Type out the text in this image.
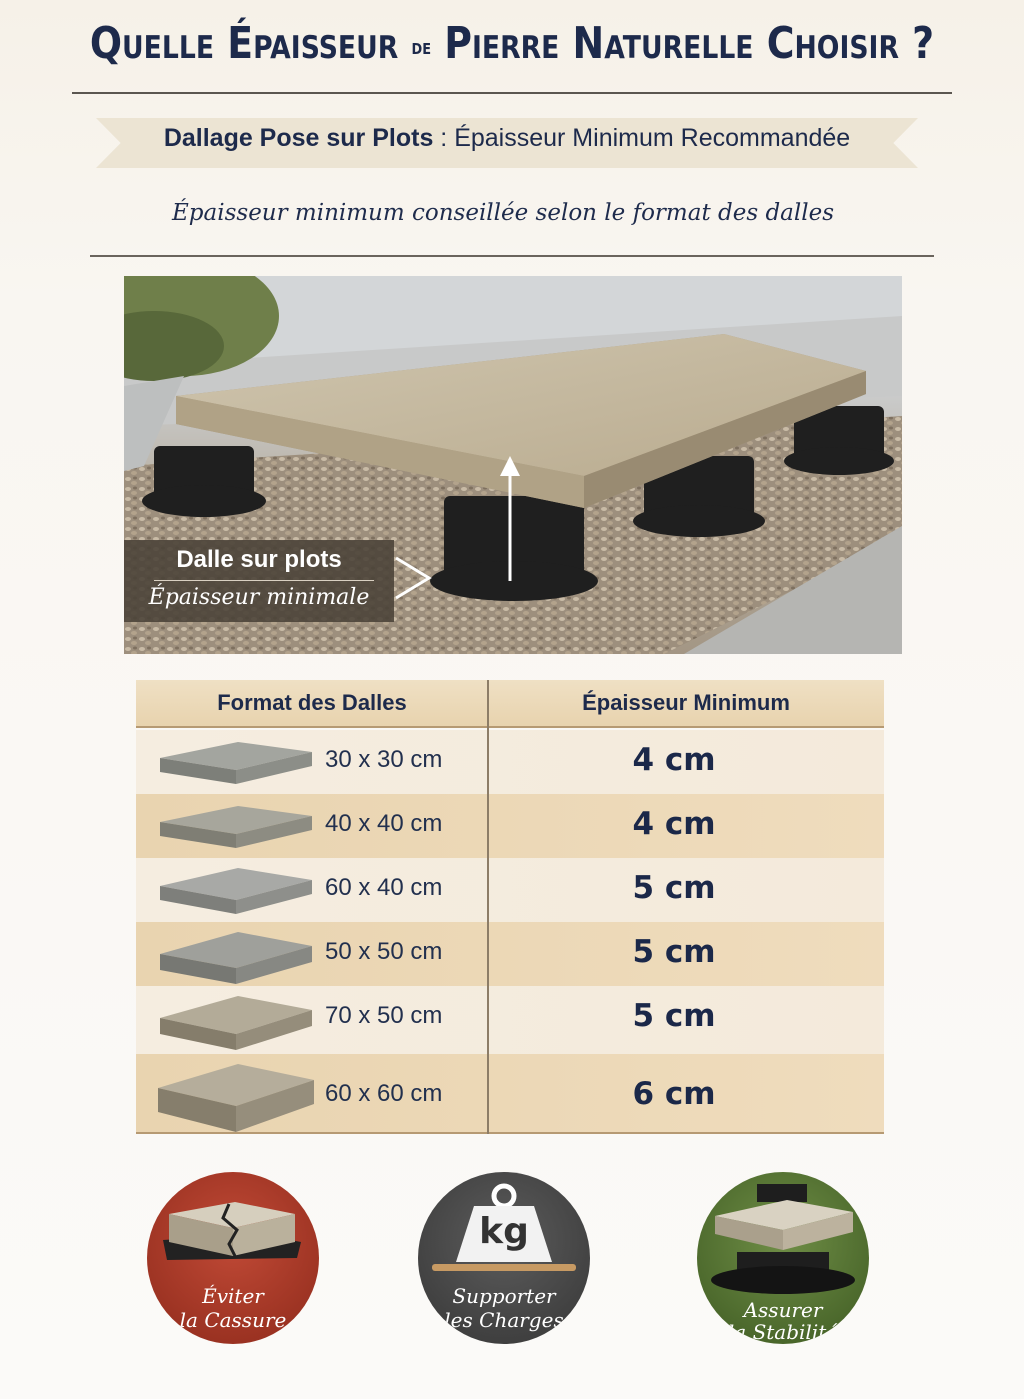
Quelle Épaisseur de Pierre Naturelle Choisir ?
Dallage Pose sur Plots : Épaisseur Minimum Recommandée
Épaisseur minimum conseillée selon le format des dalles
Dalle sur plots
Épaisseur minimale
Format des Dalles	Épaisseur Minimum
30 x 30 cm	4 cm
40 x 40 cm	4 cm
60 x 40 cm	5 cm
50 x 50 cm	5 cm
70 x 50 cm	5 cm
60 x 60 cm	6 cm
Éviter
la Cassure
kg
Supporter
les Charges	Assurer
la Stabilité
